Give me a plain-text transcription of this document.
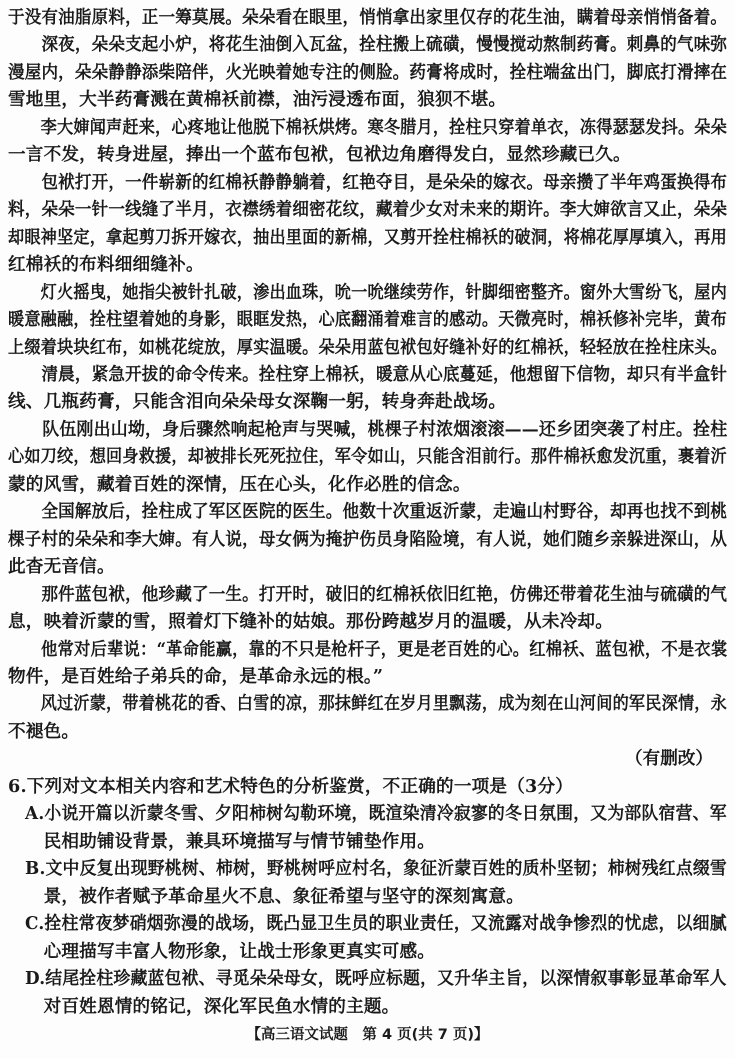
于没有油脂原料，正一筹莫展。朵朵看在眼里，悄悄拿出家里仅存的花生油，瞒着母亲悄悄备着。

　　深夜，朵朵支起小炉，将花生油倒入瓦盆，拴柱搬上硫磺，慢慢搅动熬制药膏。刺鼻的气味弥

漫屋内，朵朵静静添柴陪伴，火光映着她专注的侧脸。药膏将成时，拴柱端盆出门，脚底打滑摔在

雪地里，大半药膏溅在黄棉袄前襟，油污浸透布面，狼狈不堪。

　　李大婶闻声赶来，心疼地让他脱下棉袄烘烤。寒冬腊月，拴柱只穿着单衣，冻得瑟瑟发抖。朵朵

一言不发，转身进屋，捧出一个蓝布包袱，包袱边角磨得发白，显然珍藏已久。

　　包袱打开，一件崭新的红棉袄静静躺着，红艳夺目，是朵朵的嫁衣。母亲攒了半年鸡蛋换得布

料，朵朵一针一线缝了半月，衣襟绣着细密花纹，藏着少女对未来的期许。李大婶欲言又止，朵朵

却眼神坚定，拿起剪刀拆开嫁衣，抽出里面的新棉，又剪开拴柱棉袄的破洞，将棉花厚厚填入，再用

红棉袄的布料细细缝补。

　　灯火摇曳，她指尖被针扎破，渗出血珠，吮一吮继续劳作，针脚细密整齐。窗外大雪纷飞，屋内

暖意融融，拴柱望着她的身影，眼眶发热，心底翻涌着难言的感动。天微亮时，棉袄修补完毕，黄布

上缀着块块红布，如桃花绽放，厚实温暖。朵朵用蓝包袱包好缝补好的红棉袄，轻轻放在拴柱床头。

　　清晨，紧急开拔的命令传来。拴柱穿上棉袄，暖意从心底蔓延，他想留下信物，却只有半盒针

线、几瓶药膏，只能含泪向朵朵母女深鞠一躬，转身奔赴战场。

　　队伍刚出山坳，身后骤然响起枪声与哭喊，桃棵子村浓烟滚滚——还乡团突袭了村庄。拴柱

心如刀绞，想回身救援，却被排长死死拉住，军令如山，只能含泪前行。那件棉袄愈发沉重，裹着沂

蒙的风雪，藏着百姓的深情，压在心头，化作必胜的信念。

　　全国解放后，拴柱成了军区医院的医生。他数十次重返沂蒙，走遍山村野谷，却再也找不到桃

棵子村的朵朵和李大婶。有人说，母女俩为掩护伤员身陷险境，有人说，她们随乡亲躲进深山，从

此杳无音信。

　　那件蓝包袱，他珍藏了一生。打开时，破旧的红棉袄依旧红艳，仿佛还带着花生油与硫磺的气

息，映着沂蒙的雪，照着灯下缝补的姑娘。那份跨越岁月的温暖，从未冷却。

　　他常对后辈说：“革命能赢，靠的不只是枪杆子，更是老百姓的心。红棉袄、蓝包袱，不是衣裳

物件，是百姓给子弟兵的命，是革命永远的根。”

　　风过沂蒙，带着桃花的香、白雪的凉，那抹鲜红在岁月里飘荡，成为刻在山河间的军民深情，永

不褪色。

（有删改）

6.下列对文本相关内容和艺术特色的分析鉴赏，不正确的一项是（3分）

　A.小说开篇以沂蒙冬雪、夕阳柿树勾勒环境，既渲染清冷寂寥的冬日氛围，又为部队宿营、军

　　民相助铺设背景，兼具环境描写与情节铺垫作用。

　B.文中反复出现野桃树、柿树，野桃树呼应村名，象征沂蒙百姓的质朴坚韧；柿树残红点缀雪

　　景，被作者赋予革命星火不息、象征希望与坚守的深刻寓意。

　C.拴柱常夜梦硝烟弥漫的战场，既凸显卫生员的职业责任，又流露对战争惨烈的忧虑，以细腻

　　心理描写丰富人物形象，让战士形象更真实可感。

　D.结尾拴柱珍藏蓝包袱、寻觅朵朵母女，既呼应标题，又升华主旨，以深情叙事彰显革命军人

　　对百姓恩情的铭记，深化军民鱼水情的主题。

【高三语文试题　第 4 页(共 7 页)】
